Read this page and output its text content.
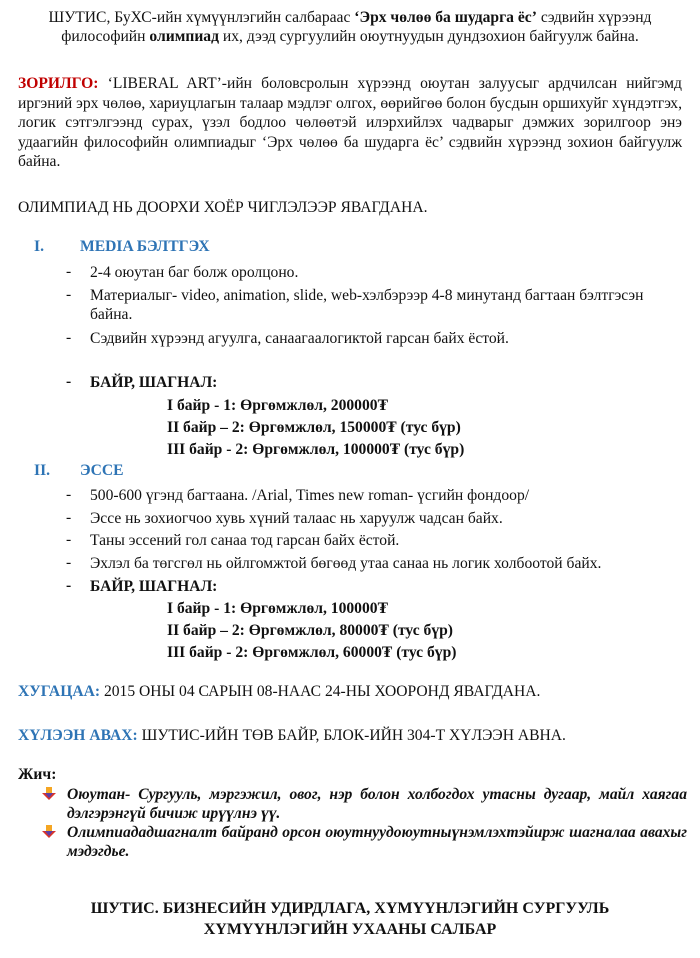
ШУТИС, БуХС-ийн хүмүүнлэгийн салбараас ‘Эрх чөлөө ба шударга ёс’ сэдвийн хүрээнд
философийн олимпиад их, дээд сургуулийн оюутнуудын дундзохион байгуулж байна.
ЗОРИЛГО: ‘LIBERAL ART’-ийн боловсролын хүрээнд оюутан залуусыг ардчилсан нийгэмд иргэний эрх чөлөө, хариуцлагын талаар мэдлэг олгох, өөрийгөө болон бусдын оршихуйг хүндэтгэх, логик сэтгэлгээнд сурах, үзэл бодлоо чөлөөтэй илэрхийлэх чадварыг дэмжих зорилгоор энэ удаагийн философийн олимпиадыг ‘Эрх чөлөө ба шударга ёс’ сэдвийн хүрээнд зохион байгуулж байна.
ОЛИМПИАД НЬ ДООРХИ ХОЁР ЧИГЛЭЛЭЭР ЯВАГДАНА.
I. MEDIA БЭЛТГЭХ
-	2-4 оюутан баг болж оролцоно.
-	Материалыг- video, animation, slide, web-хэлбэрээр 4-8 минутанд багтаан бэлтгэсэн байна.
-	Сэдвийн хүрээнд агуулга, санаагаалогиктой гарсан байх ёстой.
-	БАЙР, ШАГНАЛ:
I байр - 1: Өргөмжлөл, 200000₮
II байр – 2: Өргөмжлөл, 150000₮ (тус бүр)
III байр - 2: Өргөмжлөл, 100000₮ (тус бүр)
II. ЭССЕ
-	500-600 үгэнд багтаана. /Arial, Times new roman- үсгийн фондоор/
-	Эссе нь зохиогчоо хувь хүний талаас нь харуулж чадсан байх.
-	Таны эссений гол санаа тод гарсан байх ёстой.
-	Эхлэл ба төгсгөл нь ойлгомжтой бөгөөд утаа санаа нь логик холбоотой байх.
-	БАЙР, ШАГНАЛ:
I байр - 1: Өргөмжлөл, 100000₮
II байр – 2: Өргөмжлөл, 80000₮ (тус бүр)
III байр - 2: Өргөмжлөл, 60000₮ (тус бүр)
ХУГАЦАА: 2015 ОНЫ 04 САРЫН 08-НААС 24-НЫ ХООРОНД ЯВАГДАНА.
ХҮЛЭЭН АВАХ: ШУТИС-ИЙН ТӨВ БАЙР, БЛОК-ИЙН 304-Т ХҮЛЭЭН АВНА.
Жич:
Оюутан- Сургууль, мэргэжил, овог, нэр болон холбогдох утасны дугаар, майл хаягаа дэлгэрэнгүй бичиж ирүүлнэ үү.
Олимпиададшагналт байранд орсон оюутнуудоюутныүнэмлэхтэйирж шагналаа авахыг мэдэгдье.
ШУТИС. БИЗНЕСИЙН УДИРДЛАГА, ХҮМҮҮНЛЭГИЙН СУРГУУЛЬ
ХҮМҮҮНЛЭГИЙН УХААНЫ САЛБАР
